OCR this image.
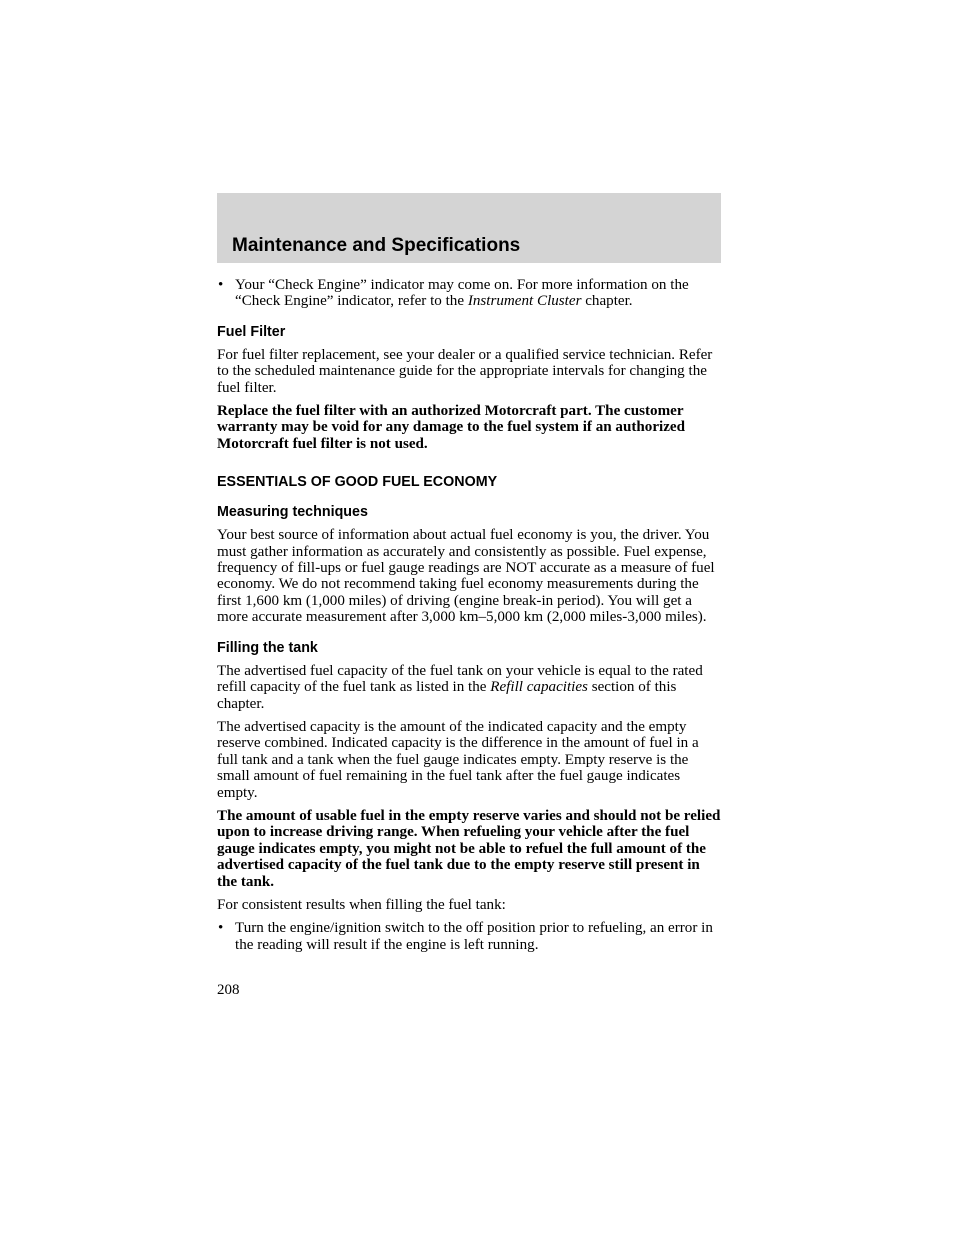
Maintenance and Specifications

• Your “Check Engine” indicator may come on. For more information on the “Check Engine” indicator, refer to the Instrument Cluster chapter.

Fuel Filter

For fuel filter replacement, see your dealer or a qualified service technician. Refer to the scheduled maintenance guide for the appropriate intervals for changing the fuel filter.

Replace the fuel filter with an authorized Motorcraft part. The customer warranty may be void for any damage to the fuel system if an authorized Motorcraft fuel filter is not used.

ESSENTIALS OF GOOD FUEL ECONOMY

Measuring techniques

Your best source of information about actual fuel economy is you, the driver. You must gather information as accurately and consistently as possible. Fuel expense, frequency of fill-ups or fuel gauge readings are NOT accurate as a measure of fuel economy. We do not recommend taking fuel economy measurements during the first 1,600 km (1,000 miles) of driving (engine break-in period). You will get a more accurate measurement after 3,000 km–5,000 km (2,000 miles-3,000 miles).

Filling the tank

The advertised fuel capacity of the fuel tank on your vehicle is equal to the rated refill capacity of the fuel tank as listed in the Refill capacities section of this chapter.

The advertised capacity is the amount of the indicated capacity and the empty reserve combined. Indicated capacity is the difference in the amount of fuel in a full tank and a tank when the fuel gauge indicates empty. Empty reserve is the small amount of fuel remaining in the fuel tank after the fuel gauge indicates empty.

The amount of usable fuel in the empty reserve varies and should not be relied upon to increase driving range. When refueling your vehicle after the fuel gauge indicates empty, you might not be able to refuel the full amount of the advertised capacity of the fuel tank due to the empty reserve still present in the tank.

For consistent results when filling the fuel tank:

• Turn the engine/ignition switch to the off position prior to refueling, an error in the reading will result if the engine is left running.

208
